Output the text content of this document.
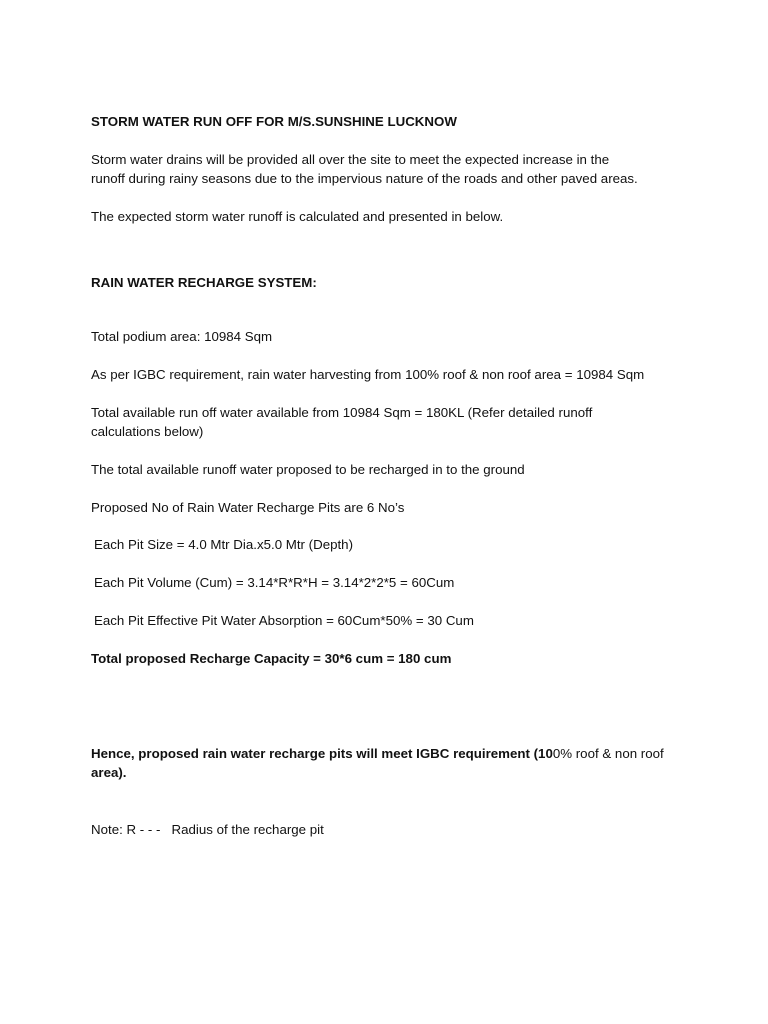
STORM WATER RUN OFF FOR M/S.SUNSHINE LUCKNOW

Storm water drains will be provided all over the site to meet the expected increase in the

runoff during rainy seasons due to the impervious nature of the roads and other paved areas.

The expected storm water runoff is calculated and presented in below.

RAIN WATER RECHARGE SYSTEM:

Total podium area: 10984 Sqm

As per IGBC requirement, rain water harvesting from 100% roof & non roof area = 10984 Sqm

Total available run off water available from 10984 Sqm = 180KL (Refer detailed runoff

calculations below)

The total available runoff water proposed to be recharged in to the ground

Proposed No of Rain Water Recharge Pits are 6 No’s

Each Pit Size = 4.0 Mtr Dia.x5.0 Mtr (Depth)

Each Pit Volume (Cum) = 3.14*R*R*H = 3.14*2*2*5 = 60Cum

Each Pit Effective Pit Water Absorption = 60Cum*50% = 30 Cum

Total proposed Recharge Capacity = 30*6 cum = 180 cum

Hence, proposed rain water recharge pits will meet IGBC requirement (100% roof & non roof

area).

Note: R - - -   Radius of the recharge pit
